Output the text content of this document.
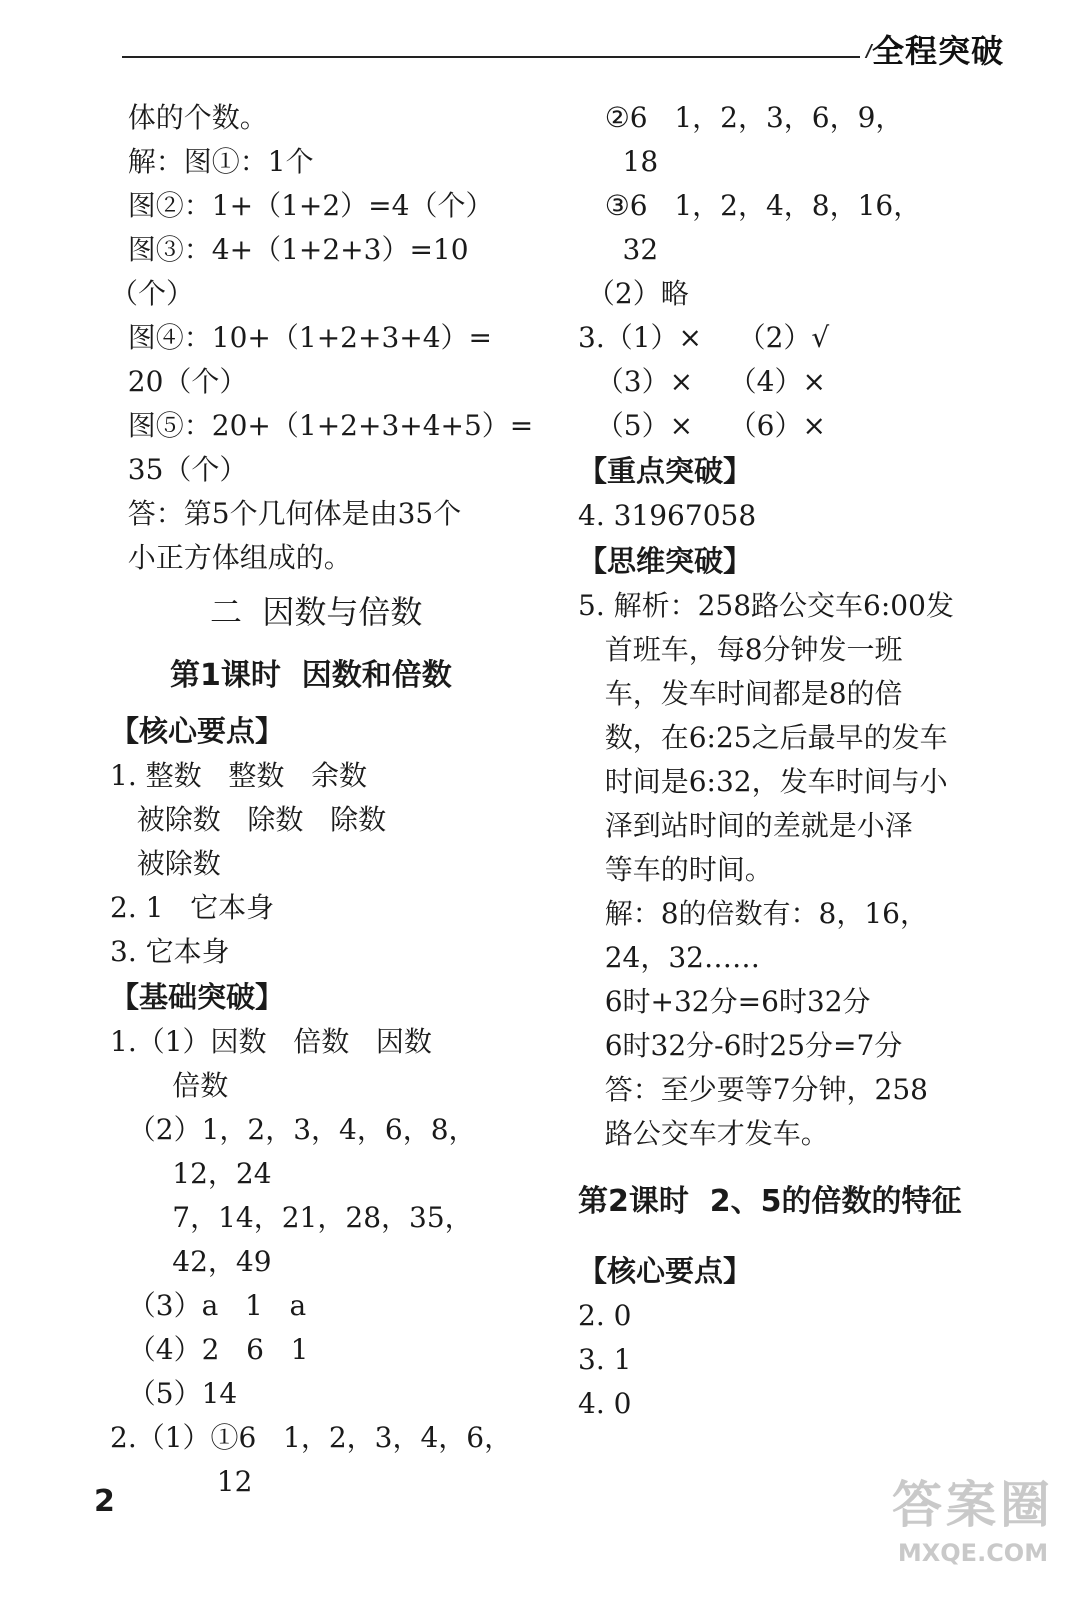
全程突破
体的个数。
解：图①：1个
图②：1+（1+2）=4（个）
图③：4+（1+2+3）=10
（个）
图④：10+（1+2+3+4）=
20（个）
图⑤：20+（1+2+3+4+5）=
35（个）
答：第5个几何体是由35个
小正方体组成的。
二  因数与倍数
第1课时  因数和倍数
【核心要点】
1. 整数   整数   余数
被除数   除数   除数
被除数
2. 1   它本身
3. 它本身
【基础突破】
1.（1）因数   倍数   因数
倍数
（2）1，2，3，4，6，8，
12，24
7，14，21，28，35，
42，49
（3）a   1   a
（4）2   6   1
（5）14
2.（1）①6   1，2，3，4，6，
12
②6   1，2，3，6，9，
18
③6   1，2，4，8，16，
32
（2）略
3.（1）×    （2）√
（3）×    （4）×
（5）×    （6）×
【重点突破】
4. 31967058
【思维突破】
5. 解析：258路公交车6:00发
首班车，每8分钟发一班
车，发车时间都是8的倍
数，在6:25之后最早的发车
时间是6:32，发车时间与小
泽到站时间的差就是小泽
等车的时间。
解：8的倍数有：8，16，
24，32……
6时+32分=6时32分
6时32分-6时25分=7分
答：至少要等7分钟，258
路公交车才发车。
第2课时  2、5的倍数的特征
【核心要点】
2. 0
3. 1
4. 0
2	答案圈
MXQE.COM
